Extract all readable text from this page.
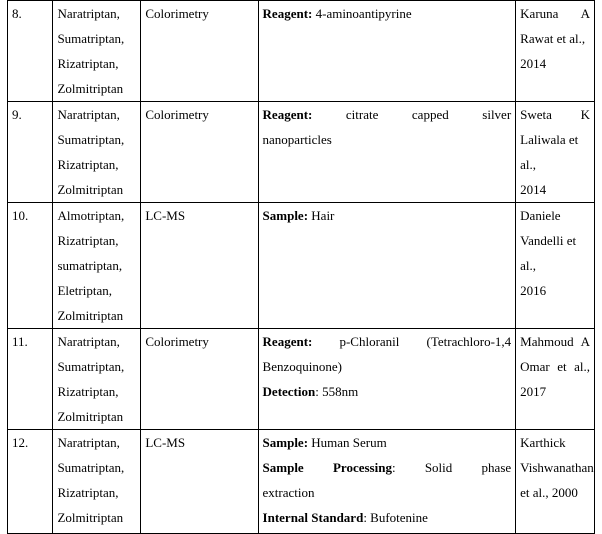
8.	Naratriptan,
Sumatriptan,
Rizatriptan,
Zolmitriptan	Colorimetry	Reagent: 4-aminoantipyrine	Karuna A
Rawat et al.,
2014

9.	Naratriptan,
Sumatriptan,
Rizatriptan,
Zolmitriptan	Colorimetry	Reagent: citrate capped silver
nanoparticles	Sweta K
Laliwala et al.,
2014

10.	Almotriptan,
Rizatriptan,
sumatriptan,
Eletriptan,
Zolmitriptan	LC-MS	Sample: Hair	Daniele
Vandelli et al.,
2016

11.	Naratriptan,
Sumatriptan,
Rizatriptan,
Zolmitriptan	Colorimetry	Reagent: p-Chloranil (Tetrachloro-1,4
Benzoquinone)
Detection: 558nm	Mahmoud A
Omar et al.,
2017

12.	Naratriptan,
Sumatriptan,
Rizatriptan,
Zolmitriptan	LC-MS	Sample: Human Serum
Sample Processing: Solid phase
extraction
Internal Standard: Bufotenine	Karthick
Vishwanathan
et al., 2000
